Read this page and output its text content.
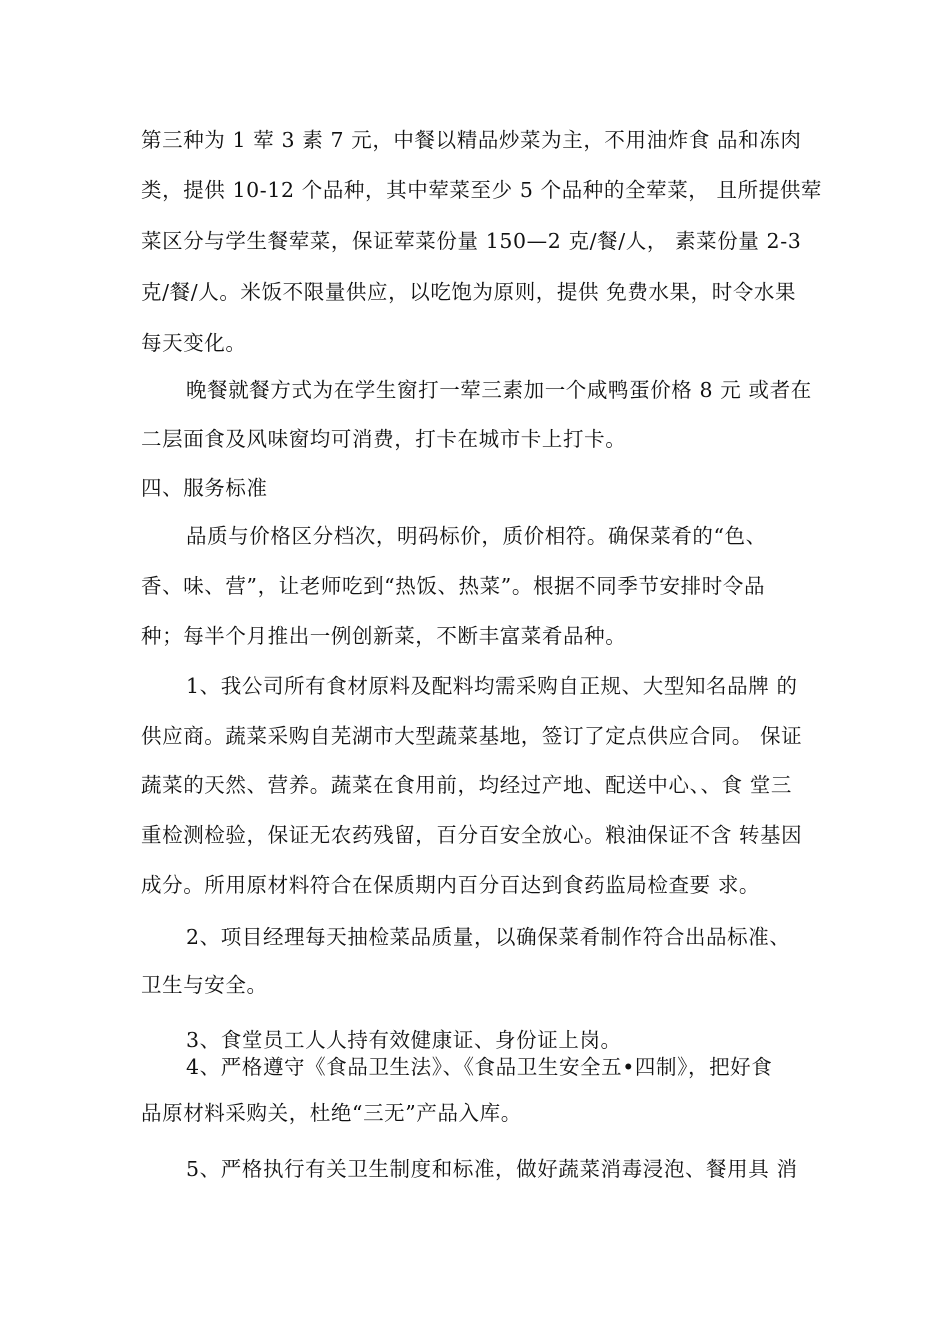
第三种为 1 荤 3 素 7 元，中餐以精品炒菜为主，不用油炸食 品和冻肉
类，提供 10-12 个品种，其中荤菜至少 5 个品种的全荤菜， 且所提供荤
菜区分与学生餐荤菜，保证荤菜份量 150—2 克/餐/人， 素菜份量 2-3
克/餐/人。米饭不限量供应，以吃饱为原则，提供 免费水果，时令水果
每天变化。
晚餐就餐方式为在学生窗打一荤三素加一个咸鸭蛋价格 8 元 或者在
二层面食及风味窗均可消费，打卡在城市卡上打卡。
四、服务标准
品质与价格区分档次，明码标价，质价相符。确保菜肴的“色、
香、味、营”，让老师吃到“热饭、热菜”。根据不同季节安排时令品
种；每半个月推出一例创新菜，不断丰富菜肴品种。
1、我公司所有食材原料及配料均需采购自正规、大型知名品牌 的
供应商。蔬菜采购自芜湖市大型蔬菜基地，签订了定点供应合同。 保证
蔬菜的天然、营养。蔬菜在食用前，均经过产地、配送中心、、食 堂三
重检测检验，保证无农药残留，百分百安全放心。粮油保证不含 转基因
成分。所用原材料符合在保质期内百分百达到食药监局检查要 求。
2、项目经理每天抽检菜品质量，以确保菜肴制作符合出品标准、
卫生与安全。
3、食堂员工人人持有效健康证、身份证上岗。
4、严格遵守《食品卫生法》、《食品卫生安全五•四制》，把好食
品原材料采购关，杜绝“三无”产品入库。
5、严格执行有关卫生制度和标准，做好蔬菜消毒浸泡、餐用具 消
